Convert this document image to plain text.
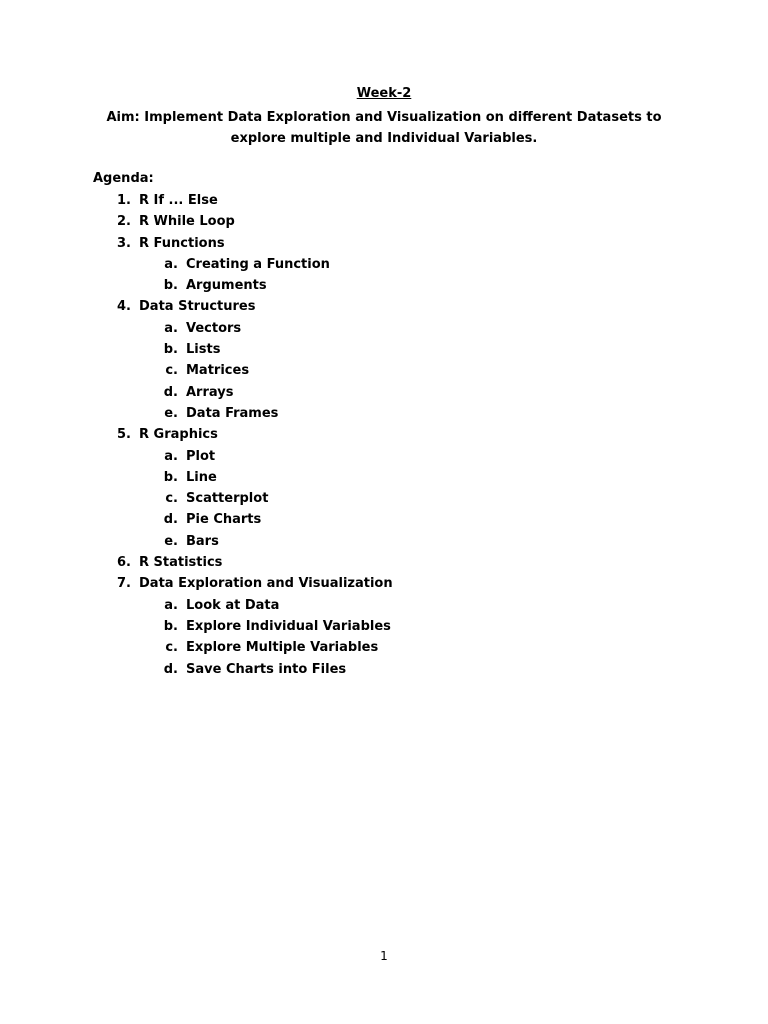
Week-2
Aim: Implement Data Exploration and Visualization on different Datasets to
explore multiple and Individual Variables.
Agenda:
1. R If ... Else
2. R While Loop
3. R Functions
a. Creating a Function
b. Arguments
4. Data Structures
a. Vectors
b. Lists
c. Matrices
d. Arrays
e. Data Frames
5. R Graphics
a. Plot
b. Line
c. Scatterplot
d. Pie Charts
e. Bars
6. R Statistics
7. Data Exploration and Visualization
a. Look at Data
b. Explore Individual Variables
c. Explore Multiple Variables
d. Save Charts into Files
1
